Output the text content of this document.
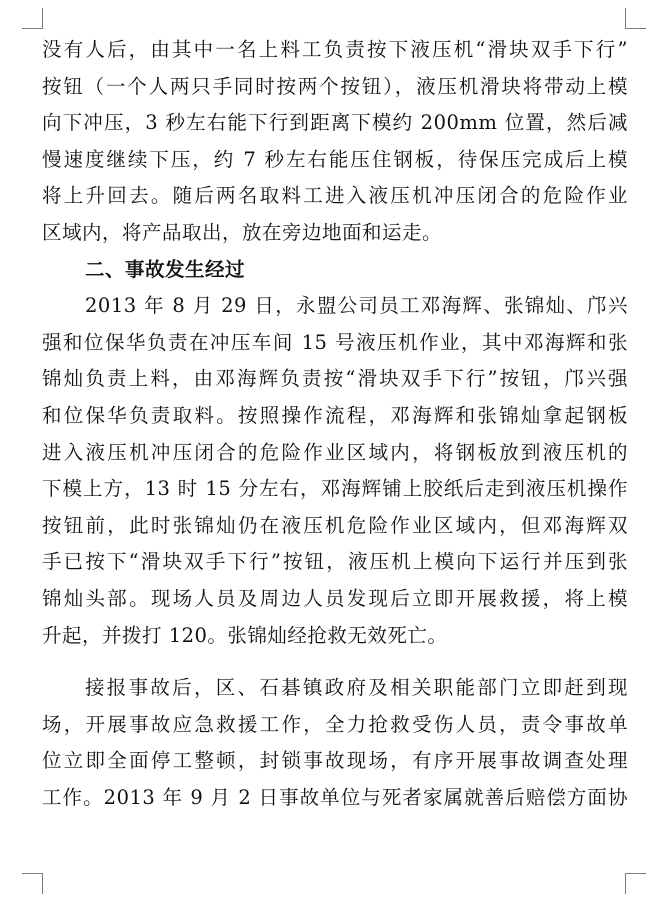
没有人后，由其中一名上料工负责按下液压机“滑块双手下行”
按钮（一个人两只手同时按两个按钮），液压机滑块将带动上模
向下冲压，3 秒左右能下行到距离下模约 200mm 位置，然后减
慢速度继续下压，约 7 秒左右能压住钢板，待保压完成后上模
将上升回去。随后两名取料工进入液压机冲压闭合的危险作业
区域内，将产品取出，放在旁边地面和运走。
二、事故发生经过
2013 年 8 月 29 日，永盟公司员工邓海辉、张锦灿、邝兴
强和位保华负责在冲压车间 15 号液压机作业，其中邓海辉和张
锦灿负责上料，由邓海辉负责按“滑块双手下行”按钮，邝兴强
和位保华负责取料。按照操作流程，邓海辉和张锦灿拿起钢板
进入液压机冲压闭合的危险作业区域内，将钢板放到液压机的
下模上方，13 时 15 分左右，邓海辉铺上胶纸后走到液压机操作
按钮前，此时张锦灿仍在液压机危险作业区域内，但邓海辉双
手已按下“滑块双手下行”按钮，液压机上模向下运行并压到张
锦灿头部。现场人员及周边人员发现后立即开展救援，将上模
升起，并拨打 120。张锦灿经抢救无效死亡。
接报事故后，区、石碁镇政府及相关职能部门立即赶到现
场，开展事故应急救援工作，全力抢救受伤人员，责令事故单
位立即全面停工整顿，封锁事故现场，有序开展事故调查处理
工作。2013 年 9 月 2 日事故单位与死者家属就善后赔偿方面协
